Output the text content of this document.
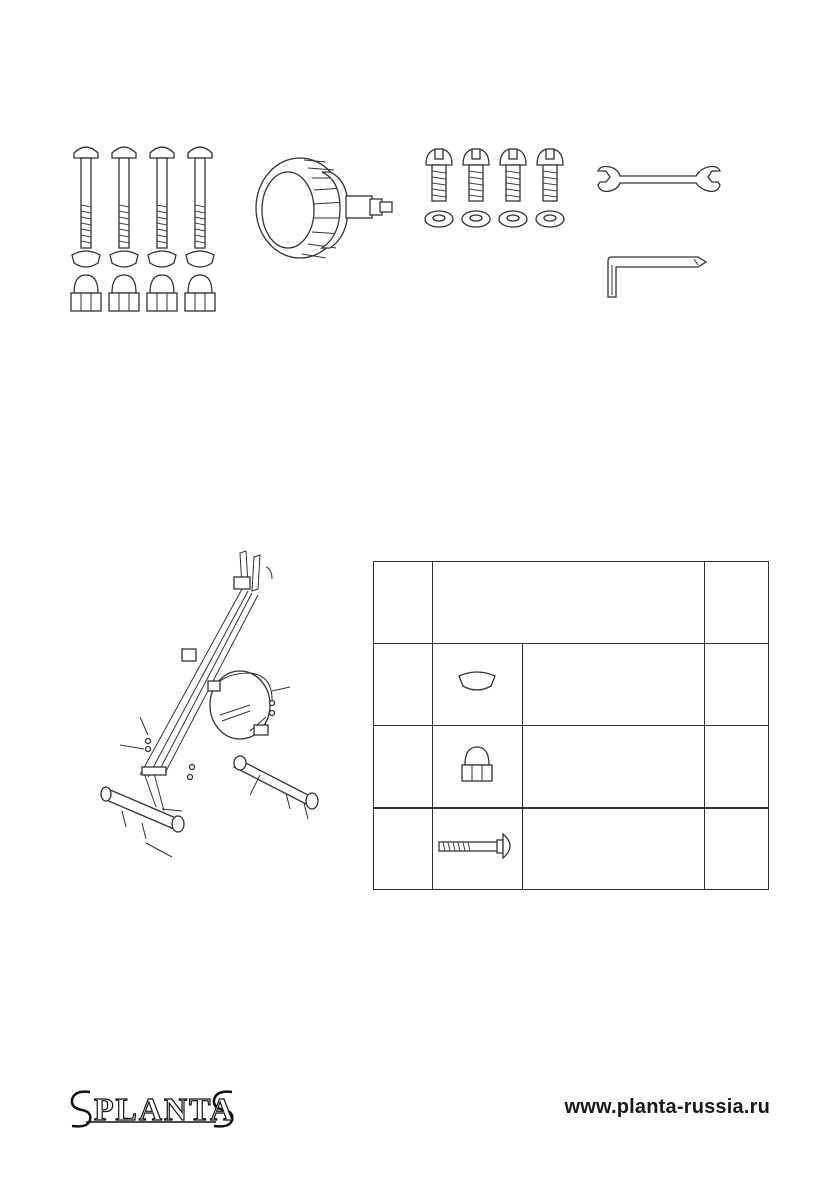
PLANTA	www.planta-russia.ru
